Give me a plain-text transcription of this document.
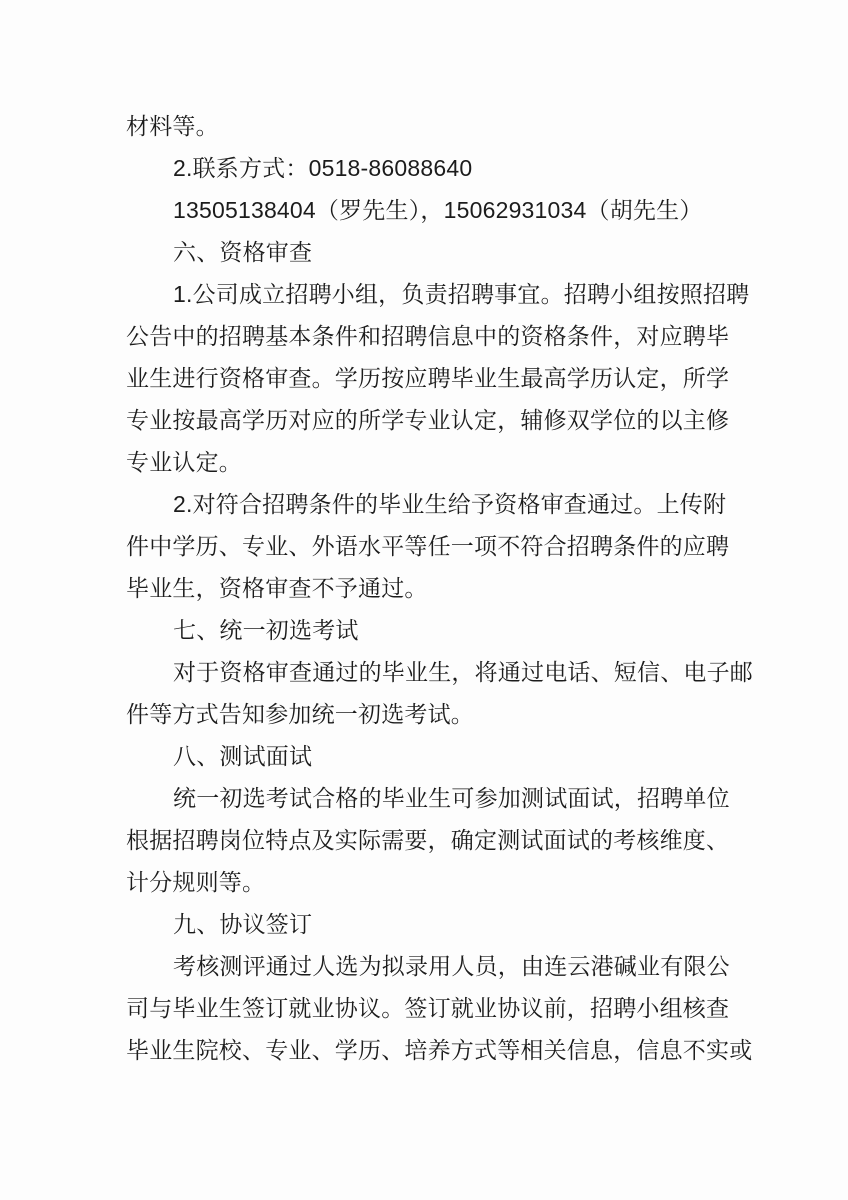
材料等。

2.联系方式：0518-86088640

13505138404（罗先生），15062931034（胡先生）

六、资格审查

1.公司成立招聘小组，负责招聘事宜。招聘小组按照招聘
公告中的招聘基本条件和招聘信息中的资格条件，对应聘毕
业生进行资格审查。学历按应聘毕业生最高学历认定，所学
专业按最高学历对应的所学专业认定，辅修双学位的以主修
专业认定。

2.对符合招聘条件的毕业生给予资格审查通过。上传附
件中学历、专业、外语水平等任一项不符合招聘条件的应聘
毕业生，资格审查不予通过。

七、统一初选考试

对于资格审查通过的毕业生，将通过电话、短信、电子邮
件等方式告知参加统一初选考试。

八、测试面试

统一初选考试合格的毕业生可参加测试面试，招聘单位
根据招聘岗位特点及实际需要，确定测试面试的考核维度、
计分规则等。

九、协议签订

考核测评通过人选为拟录用人员，由连云港碱业有限公
司与毕业生签订就业协议。签订就业协议前，招聘小组核查
毕业生院校、专业、学历、培养方式等相关信息，信息不实或
